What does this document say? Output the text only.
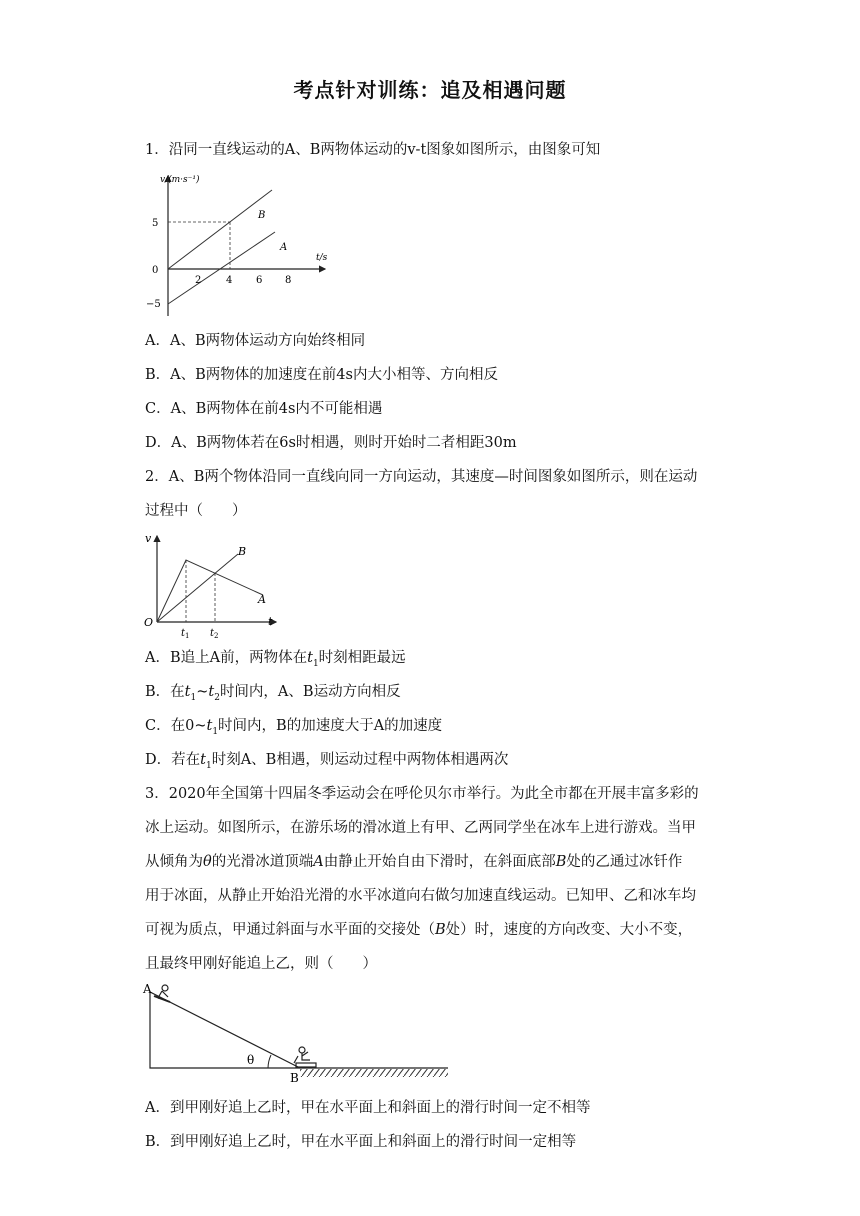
考点针对训练：追及相遇问题
1．沿同一直线运动的A、B两物体运动的v-t图象如图所示，由图象可知
v/(m·s⁻¹)
t/s
5
0
−5
2 4 6 8
B
A
A．A、B两物体运动方向始终相同
B．A、B两物体的加速度在前4s内大小相等、方向相反
C．A、B两物体在前4s内不可能相遇
D．A、B两物体若在6s时相遇，则时开始时二者相距30m
2．A、B两个物体沿同一直线向同一方向运动，其速度—时间图象如图所示，则在运动
过程中（　　）
v
t
O
$t_1$ $t_2$
A
B
A．B追上A前，两物体在$t_1$时刻相距最远
B．在$t_1\sim t_2$时间内，A、B运动方向相反
C．在$0\sim t_1$时间内，B的加速度大于A的加速度
D．若在$t_1$时刻A、B相遇，则运动过程中两物体相遇两次
3．2020年全国第十四届冬季运动会在呼伦贝尔市举行。为此全市都在开展丰富多彩的
冰上运动。如图所示，在游乐场的滑冰道上有甲、乙两同学坐在冰车上进行游戏。当甲
从倾角为θ的光滑冰道顶端A由静止开始自由下滑时，在斜面底部B处的乙通过冰钎作
用于冰面，从静止开始沿光滑的水平冰道向右做匀加速直线运动。已知甲、乙和冰车均
可视为质点，甲通过斜面与水平面的交接处（B处）时，速度的方向改变、大小不变，
且最终甲刚好能追上乙，则（　　）
θ
A
B
A．到甲刚好追上乙时，甲在水平面上和斜面上的滑行时间一定不相等
B．到甲刚好追上乙时，甲在水平面上和斜面上的滑行时间一定相等
